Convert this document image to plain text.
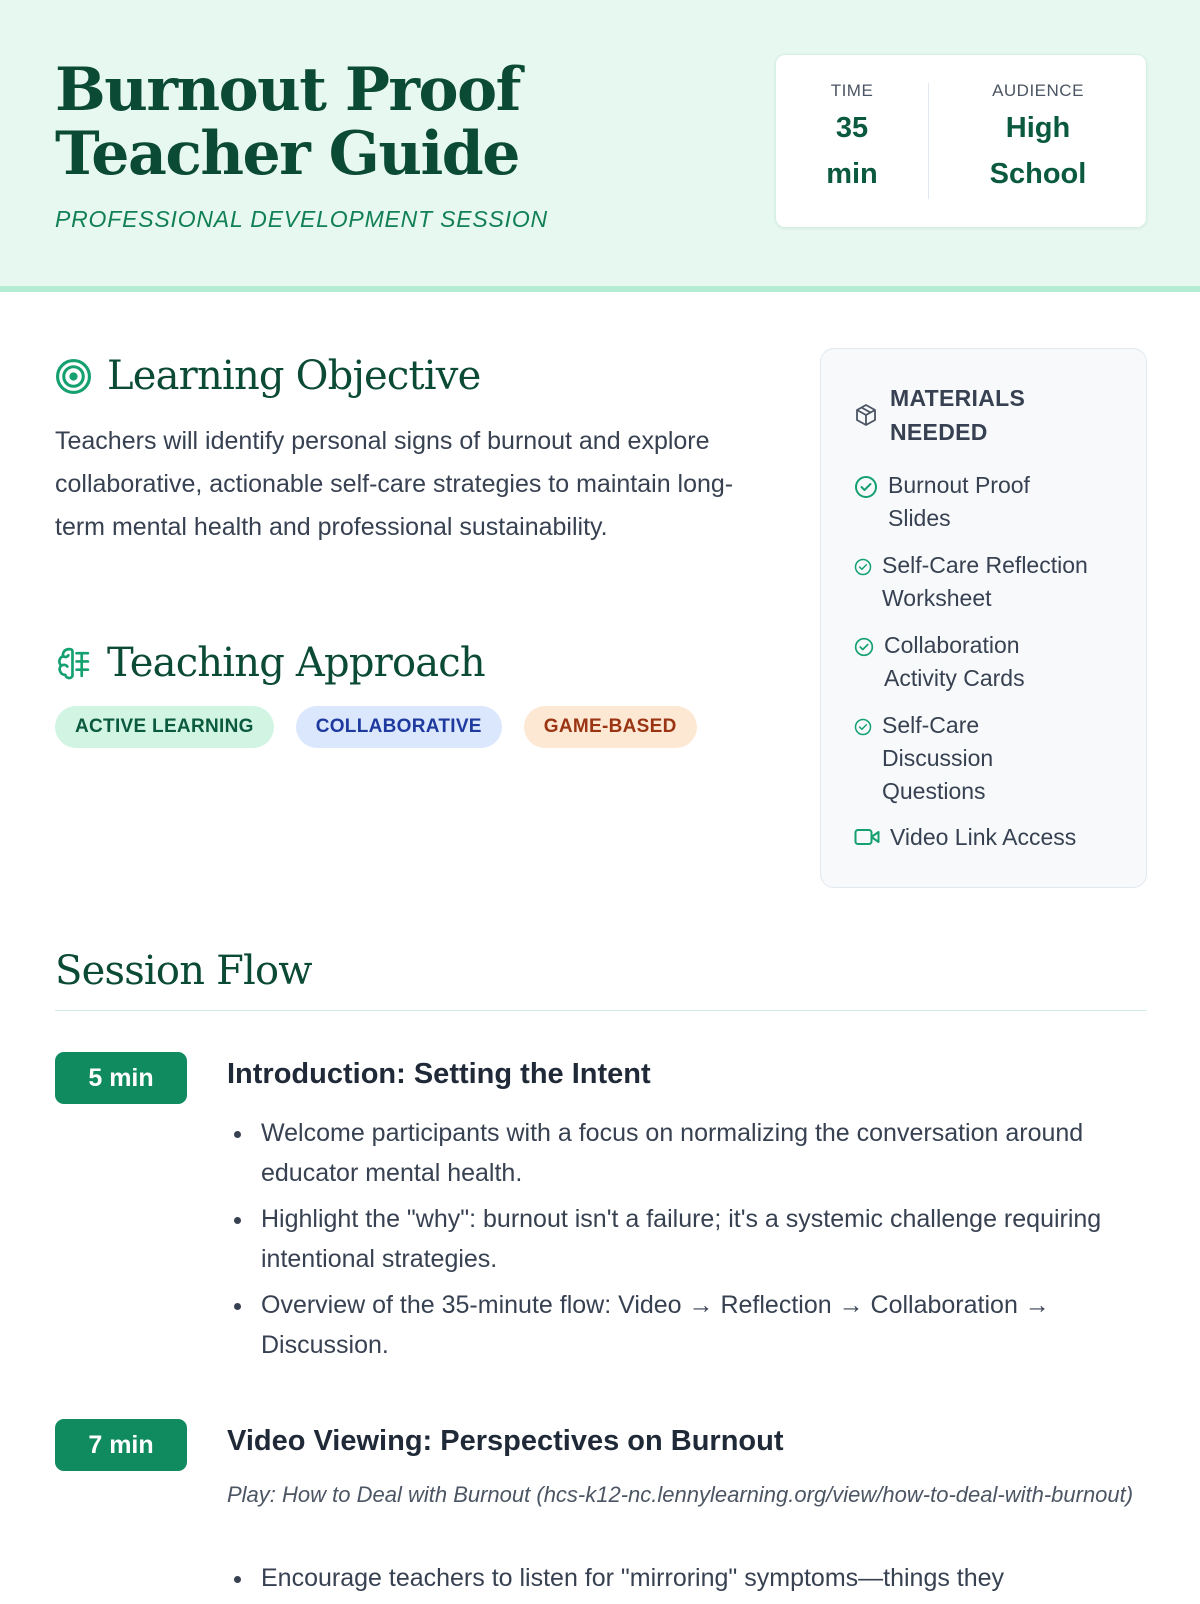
Burnout Proof Teacher Guide
PROFESSIONAL DEVELOPMENT SESSION
TIME
35 min
AUDIENCE
High School
Learning Objective

Teachers will identify personal signs of burnout and explore collaborative, actionable self-care strategies to maintain long-term mental health and professional sustainability.

Teaching Approach
ACTIVE LEARNING	COLLABORATIVE	GAME-BASED
MATERIALS NEEDED
Burnout Proof Slides
Self-Care Reflection Worksheet
Collaboration Activity Cards
Self-Care Discussion Questions
Video Link Access
Session Flow
5 min	Introduction: Setting the Intent
Welcome participants with a focus on normalizing the conversation around educator mental health.
Highlight the "why": burnout isn't a failure; it's a systemic challenge requiring intentional strategies.
Overview of the 35-minute flow: Video → Reflection → Collaboration → Discussion.
7 min	Video Viewing: Perspectives on Burnout
Play: How to Deal with Burnout (hcs-k12-nc.lennylearning.org/view/how-to-deal-with-burnout)
Encourage teachers to listen for "mirroring" symptoms—things they
